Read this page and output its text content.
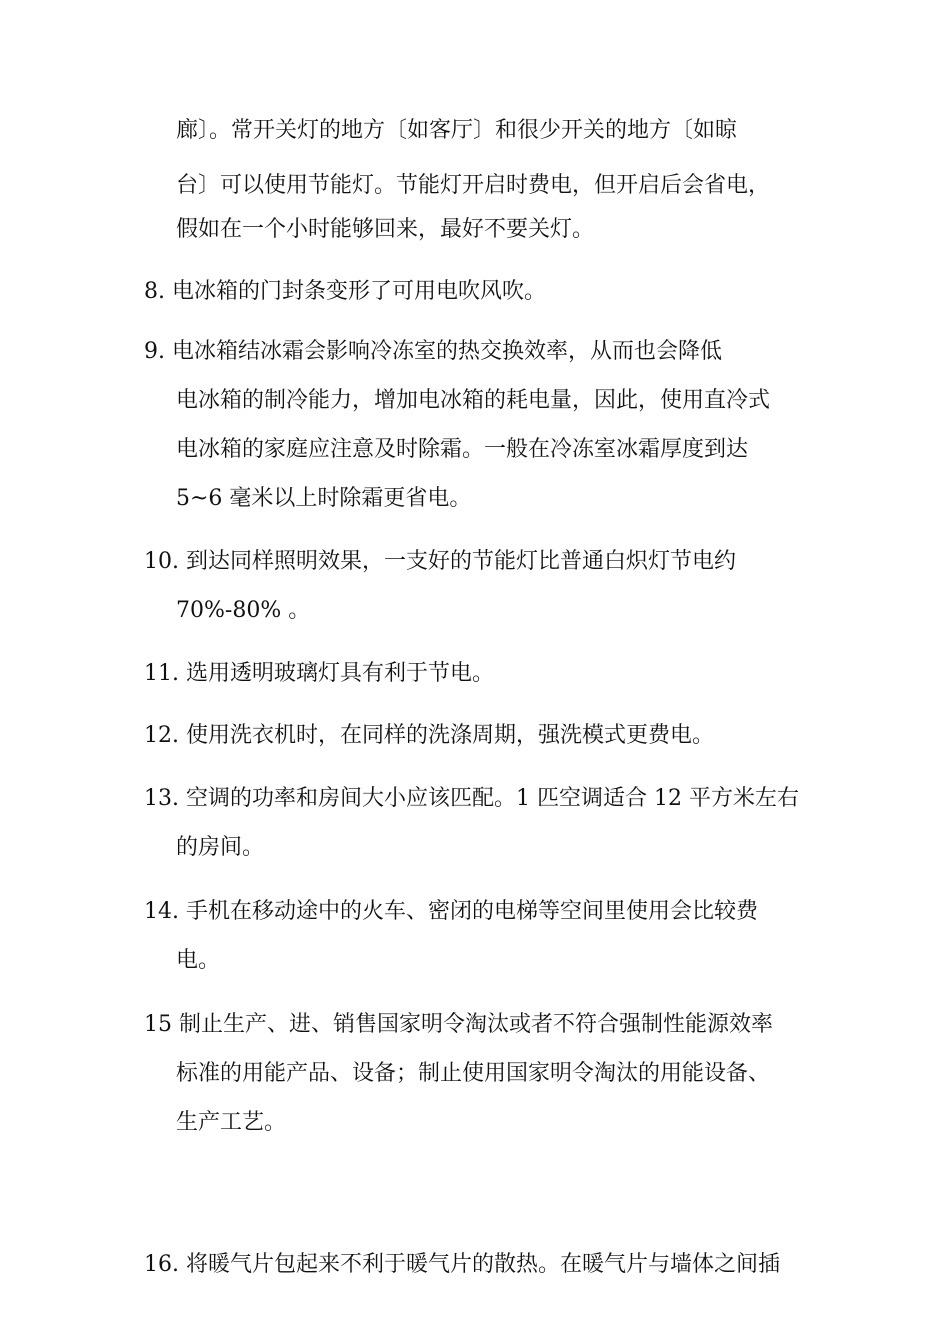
廊〕。常开关灯的地方〔如客厅〕和很少开关的地方〔如晾
台〕可以使用节能灯。节能灯开启时费电，但开启后会省电，
假如在一个小时能够回来，最好不要关灯。
8. 电冰箱的门封条变形了可用电吹风吹。
9. 电冰箱结冰霜会影响冷冻室的热交换效率，从而也会降低
电冰箱的制冷能力，增加电冰箱的耗电量，因此，使用直冷式
电冰箱的家庭应注意及时除霜。一般在冷冻室冰霜厚度到达
5~6 毫米以上时除霜更省电。
10. 到达同样照明效果，一支好的节能灯比普通白炽灯节电约
70%-80% 。
11. 选用透明玻璃灯具有利于节电。
12. 使用洗衣机时，在同样的洗涤周期，强洗模式更费电。
13. 空调的功率和房间大小应该匹配。1 匹空调适合 12 平方米左右
的房间。
14. 手机在移动途中的火车、密闭的电梯等空间里使用会比较费
电。
15 制止生产、进、销售国家明令淘汰或者不符合强制性能源效率
标准的用能产品、设备；制止使用国家明令淘汰的用能设备、
生产工艺。
16. 将暖气片包起来不利于暖气片的散热。在暖气片与墙体之间插
